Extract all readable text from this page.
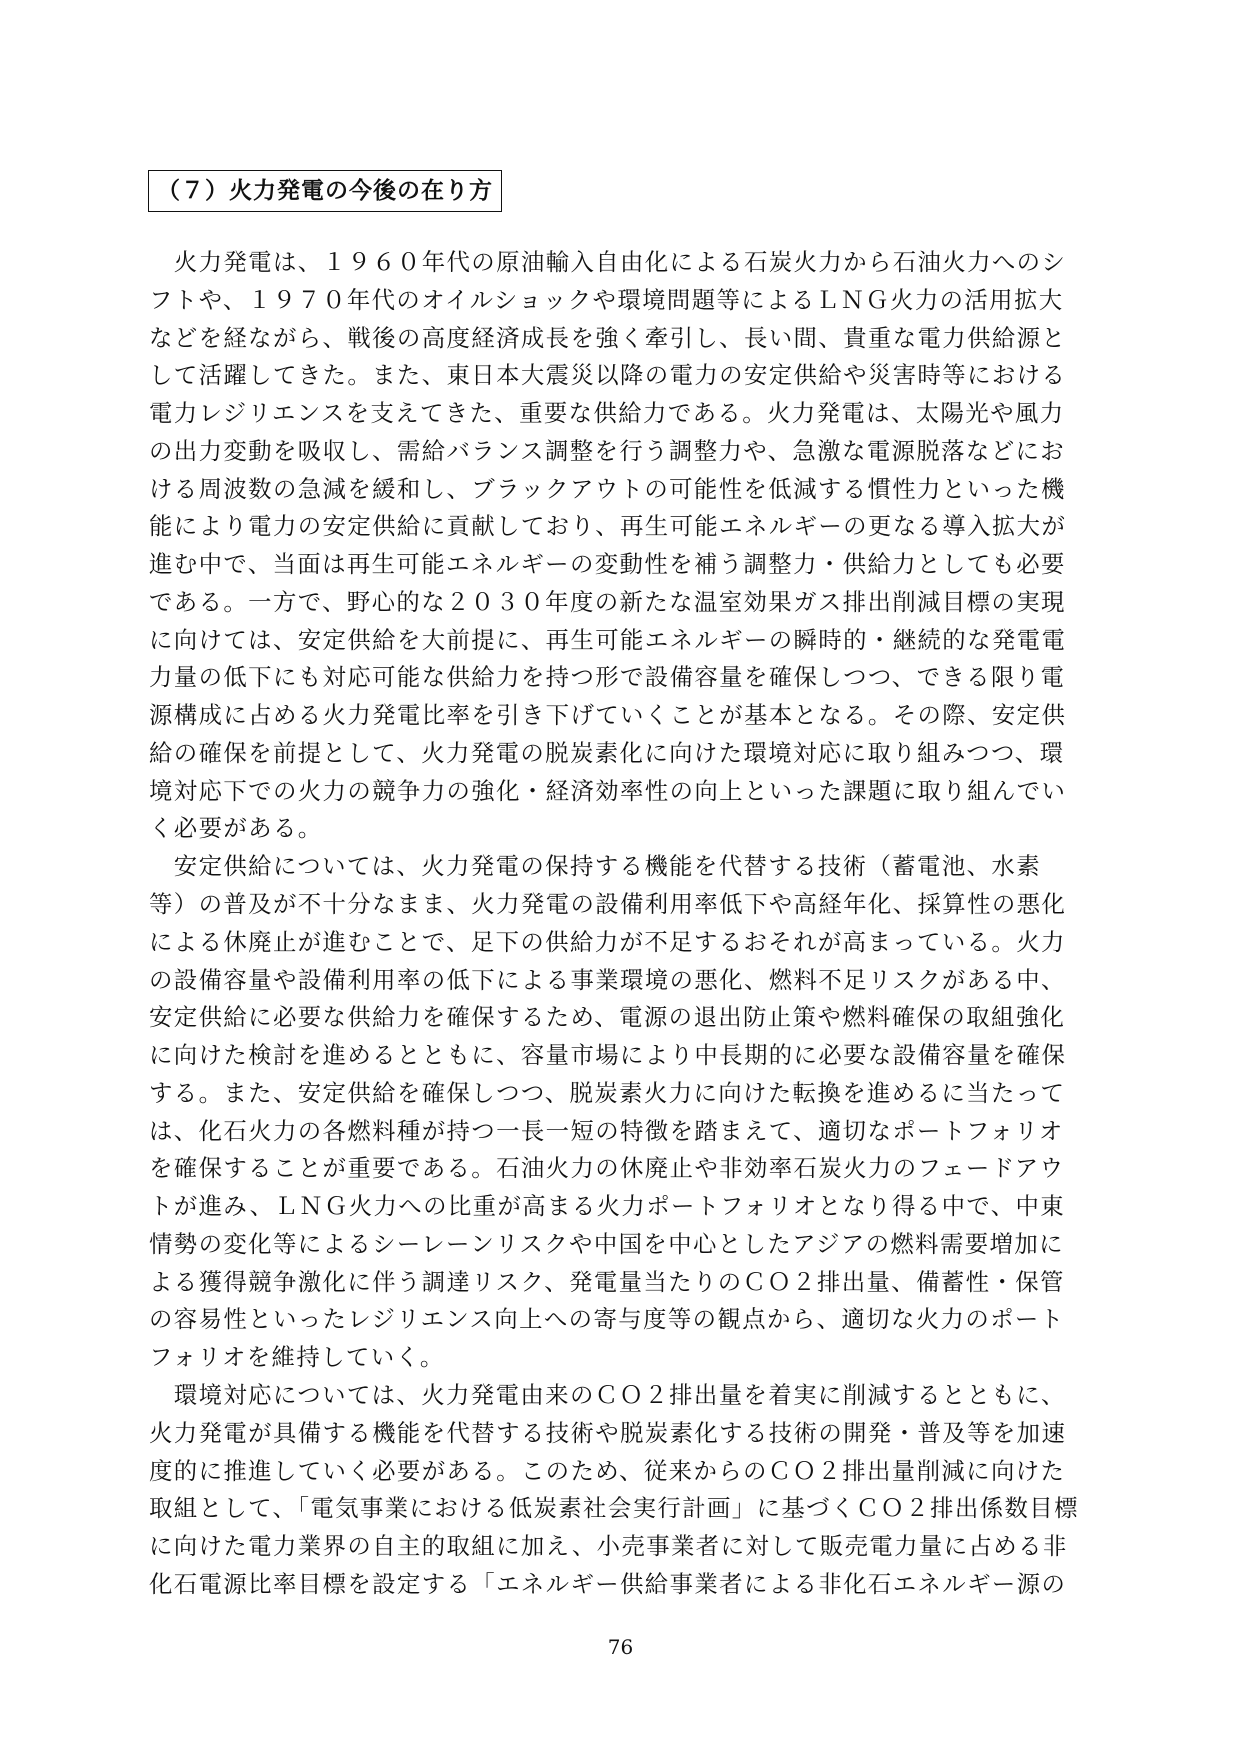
（７）火力発電の今後の在り方
　火力発電は、１９６０年代の原油輸入自由化による石炭火力から石油火力へのシ
フトや、１９７０年代のオイルショックや環境問題等によるＬＮＧ火力の活用拡大
などを経ながら、戦後の高度経済成長を強く牽引し、長い間、貴重な電力供給源と
して活躍してきた。また、東日本大震災以降の電力の安定供給や災害時等における
電力レジリエンスを支えてきた、重要な供給力である。火力発電は、太陽光や風力
の出力変動を吸収し、需給バランス調整を行う調整力や、急激な電源脱落などにお
ける周波数の急減を緩和し、ブラックアウトの可能性を低減する慣性力といった機
能により電力の安定供給に貢献しており、再生可能エネルギーの更なる導入拡大が
進む中で、当面は再生可能エネルギーの変動性を補う調整力・供給力としても必要
である。一方で、野心的な２０３０年度の新たな温室効果ガス排出削減目標の実現
に向けては、安定供給を大前提に、再生可能エネルギーの瞬時的・継続的な発電電
力量の低下にも対応可能な供給力を持つ形で設備容量を確保しつつ、できる限り電
源構成に占める火力発電比率を引き下げていくことが基本となる。その際、安定供
給の確保を前提として、火力発電の脱炭素化に向けた環境対応に取り組みつつ、環
境対応下での火力の競争力の強化・経済効率性の向上といった課題に取り組んでい
く必要がある。
　安定供給については、火力発電の保持する機能を代替する技術（蓄電池、水素
等）の普及が不十分なまま、火力発電の設備利用率低下や高経年化、採算性の悪化
による休廃止が進むことで、足下の供給力が不足するおそれが高まっている。火力
の設備容量や設備利用率の低下による事業環境の悪化、燃料不足リスクがある中、
安定供給に必要な供給力を確保するため、電源の退出防止策や燃料確保の取組強化
に向けた検討を進めるとともに、容量市場により中長期的に必要な設備容量を確保
する。また、安定供給を確保しつつ、脱炭素火力に向けた転換を進めるに当たって
は、化石火力の各燃料種が持つ一長一短の特徴を踏まえて、適切なポートフォリオ
を確保することが重要である。石油火力の休廃止や非効率石炭火力のフェードアウ
トが進み、ＬＮＧ火力への比重が高まる火力ポートフォリオとなり得る中で、中東
情勢の変化等によるシーレーンリスクや中国を中心としたアジアの燃料需要増加に
よる獲得競争激化に伴う調達リスク、発電量当たりのＣＯ２排出量、備蓄性・保管
の容易性といったレジリエンス向上への寄与度等の観点から、適切な火力のポート
フォリオを維持していく。
　環境対応については、火力発電由来のＣＯ２排出量を着実に削減するとともに、
火力発電が具備する機能を代替する技術や脱炭素化する技術の開発・普及等を加速
度的に推進していく必要がある。このため、従来からのＣＯ２排出量削減に向けた
取組として、「電気事業における低炭素社会実行計画」に基づくＣＯ２排出係数目標
に向けた電力業界の自主的取組に加え、小売事業者に対して販売電力量に占める非
化石電源比率目標を設定する「エネルギー供給事業者による非化石エネルギー源の
76
